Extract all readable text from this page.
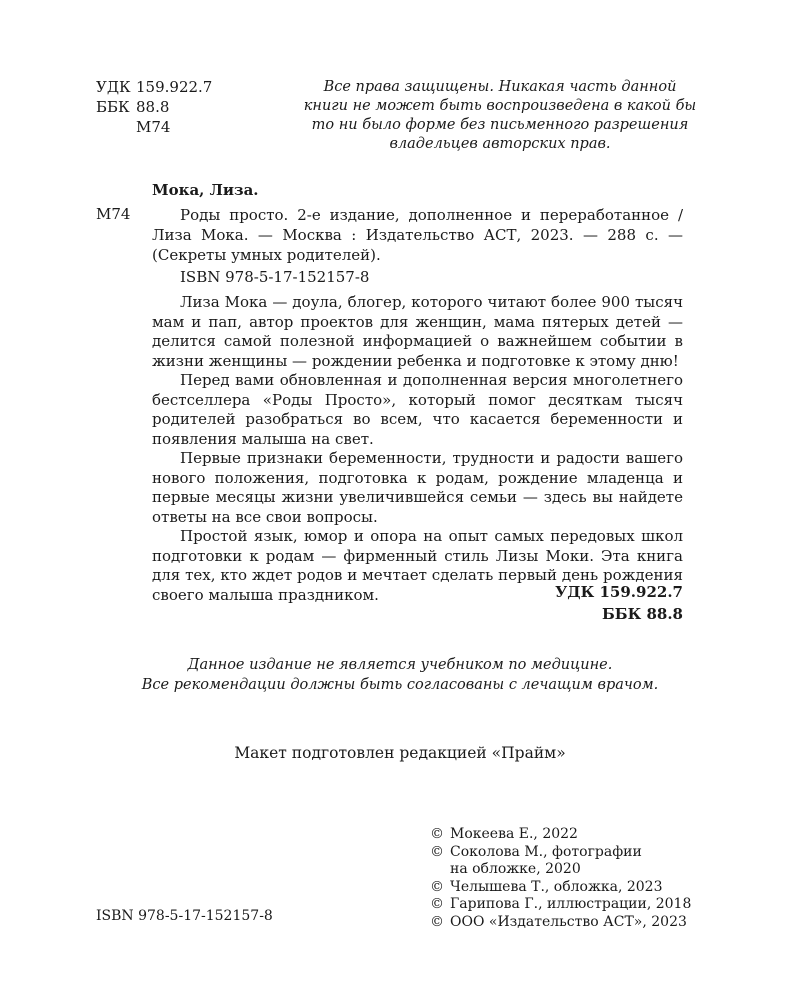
УДК 159.922.7
ББК 88.8
М74
Все права защищены. Никакая часть данной
книги не может быть воспроизведена в какой бы
то ни было форме без письменного разрешения
владельцев авторских прав.
Мока, Лиза.
М74	Роды просто. 2-е издание, дополненное и переработанное / Лиза Мока. — Москва : Издательство АСТ, 2023. — 288 с. — (Секреты умных родителей).

ISBN 978-5-17-152157-8

Лиза Мока — доула, блогер, которого читают более 900 тысяч мам и пап, автор проектов для женщин, мама пятерых детей — делится самой полезной информацией о важнейшем событии в жизни женщины — рождении ребенка и подготовке к этому дню!

Перед вами обновленная и дополненная версия многолетнего бестселлера «Роды Просто», который помог десяткам тысяч родителей разобраться во всем, что касается беременности и появления малыша на свет.

Первые признаки беременности, трудности и радости вашего нового положения, подготовка к родам, рождение младенца и первые месяцы жизни увеличившейся семьи — здесь вы найдете ответы на все свои вопросы.

Простой язык, юмор и опора на опыт самых передовых школ подготовки к родам — фирменный стиль Лизы Моки. Эта книга для тех, кто ждет родов и мечтает сделать первый день рождения своего малыша праздником.	УДК 159.922.7
ББК 88.8
Данное издание не является учебником по медицине.
Все рекомендации должны быть согласованы с лечащим врачом.
Макет подготовлен редакцией «Прайм»
ISBN 978-5-17-152157-8
© Мокеева Е., 2022
© Соколова М., фотографии
на обложке, 2020
© Челышева Т., обложка, 2023
© Гарипова Г., иллюстрации, 2018
© ООО «Издательство АСТ», 2023
